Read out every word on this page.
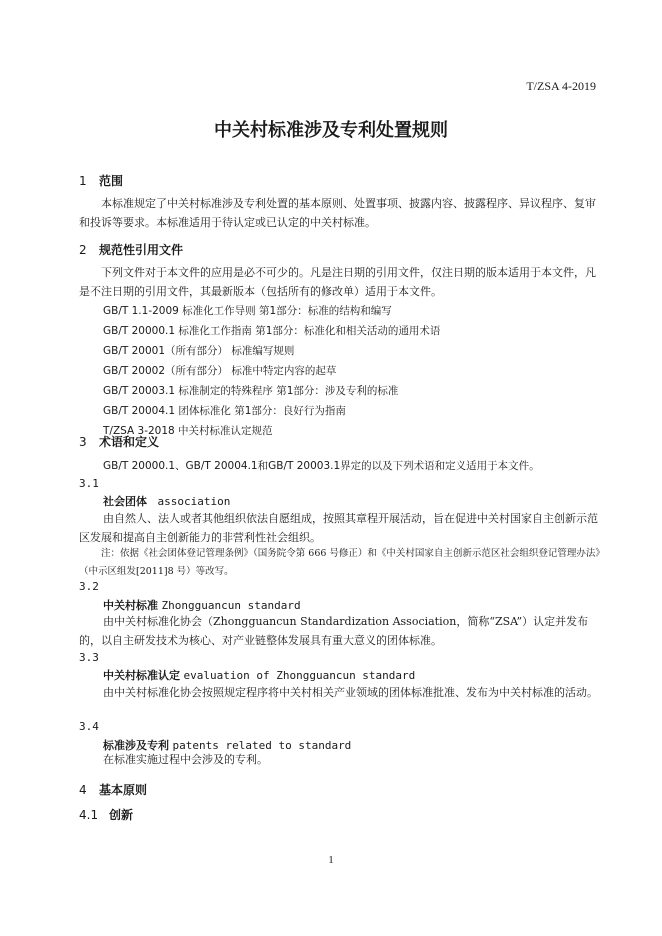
T/ZSA 4-2019
中关村标准涉及专利处置规则
1 范围
本标准规定了中关村标准涉及专利处置的基本原则、处置事项、披露内容、披露程序、异议程序、复审和投诉等要求。本标准适用于待认定或已认定的中关村标准。
2 规范性引用文件
下列文件对于本文件的应用是必不可少的。凡是注日期的引用文件，仅注日期的版本适用于本文件，凡是不注日期的引用文件，其最新版本（包括所有的修改单）适用于本文件。
GB/T 1.1-2009 标准化工作导则 第1部分：标准的结构和编写
GB/T 20000.1 标准化工作指南 第1部分：标准化和相关活动的通用术语
GB/T 20001（所有部分） 标准编写规则
GB/T 20002（所有部分） 标准中特定内容的起草
GB/T 20003.1 标准制定的特殊程序 第1部分：涉及专利的标准
GB/T 20004.1 团体标准化 第1部分：良好行为指南
T/ZSA 3-2018 中关村标准认定规范
3 术语和定义
GB/T 20000.1、GB/T 20004.1和GB/T 20003.1界定的以及下列术语和定义适用于本文件。
3.1
社会团体 association
由自然人、法人或者其他组织依法自愿组成，按照其章程开展活动，旨在促进中关村国家自主创新示范区发展和提高自主创新能力的非营利性社会组织。
注：依据《社会团体登记管理条例》（国务院令第 666 号修正）和《中关村国家自主创新示范区社会组织登记管理办法》（中示区组发[2011]8 号）等改写。
3.2
中关村标准 Zhongguancun standard
由中关村标准化协会（Zhongguancun Standardization Association，简称“ZSA”）认定并发布的，以自主研发技术为核心、对产业链整体发展具有重大意义的团体标准。
3.3
中关村标准认定 evaluation of Zhongguancun standard
由中关村标准化协会按照规定程序将中关村相关产业领域的团体标准批准、发布为中关村标准的活动。
3.4
标准涉及专利 patents related to standard
在标准实施过程中会涉及的专利。
4 基本原则
4.1 创新
1
